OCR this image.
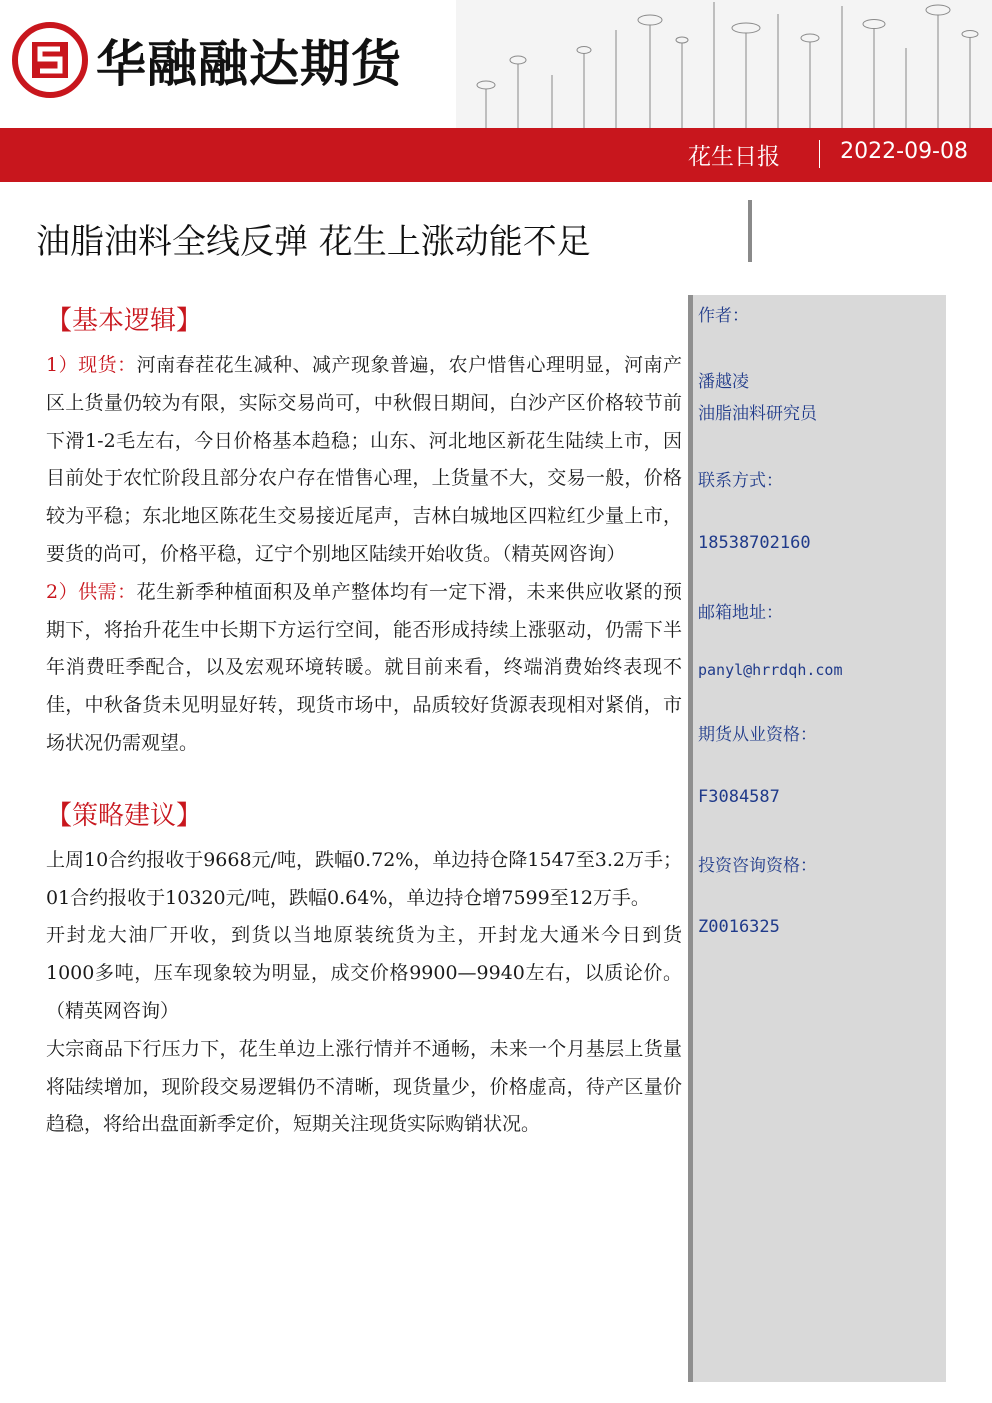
华融融达期货
花生日报	2022-09-08
油脂油料全线反弹 花生上涨动能不足
【基本逻辑】

1）现货：河南春茬花生减种、减产现象普遍，农户惜售心理明显，河南产区上货量仍较为有限，实际交易尚可，中秋假日期间，白沙产区价格较节前下滑1-2毛左右，今日价格基本趋稳；山东、河北地区新花生陆续上市，因目前处于农忙阶段且部分农户存在惜售心理，上货量不大，交易一般，价格较为平稳；东北地区陈花生交易接近尾声，吉林白城地区四粒红少量上市，要货的尚可，价格平稳，辽宁个别地区陆续开始收货。（精英网咨询）

2）供需：花生新季种植面积及单产整体均有一定下滑，未来供应收紧的预期下，将抬升花生中长期下方运行空间，能否形成持续上涨驱动，仍需下半年消费旺季配合，以及宏观环境转暖。就目前来看，终端消费始终表现不佳，中秋备货未见明显好转，现货市场中，品质较好货源表现相对紧俏，市场状况仍需观望。

【策略建议】

上周10合约报收于9668元/吨，跌幅0.72%，单边持仓降1547至3.2万手；01合约报收于10320元/吨，跌幅0.64%，单边持仓增7599至12万手。

开封龙大油厂开收，到货以当地原装统货为主，开封龙大通米今日到货1000多吨，压车现象较为明显，成交价格9900—9940左右，以质论价。（精英网咨询）

大宗商品下行压力下，花生单边上涨行情并不通畅，未来一个月基层上货量将陆续增加，现阶段交易逻辑仍不清晰，现货量少，价格虚高，待产区量价趋稳，将给出盘面新季定价，短期关注现货实际购销状况。

作者：
潘越凌
油脂油料研究员
联系方式：
18538702160
邮箱地址：
panyl@hrrdqh.com
期货从业资格：
F3084587
投资咨询资格：
Z0016325
